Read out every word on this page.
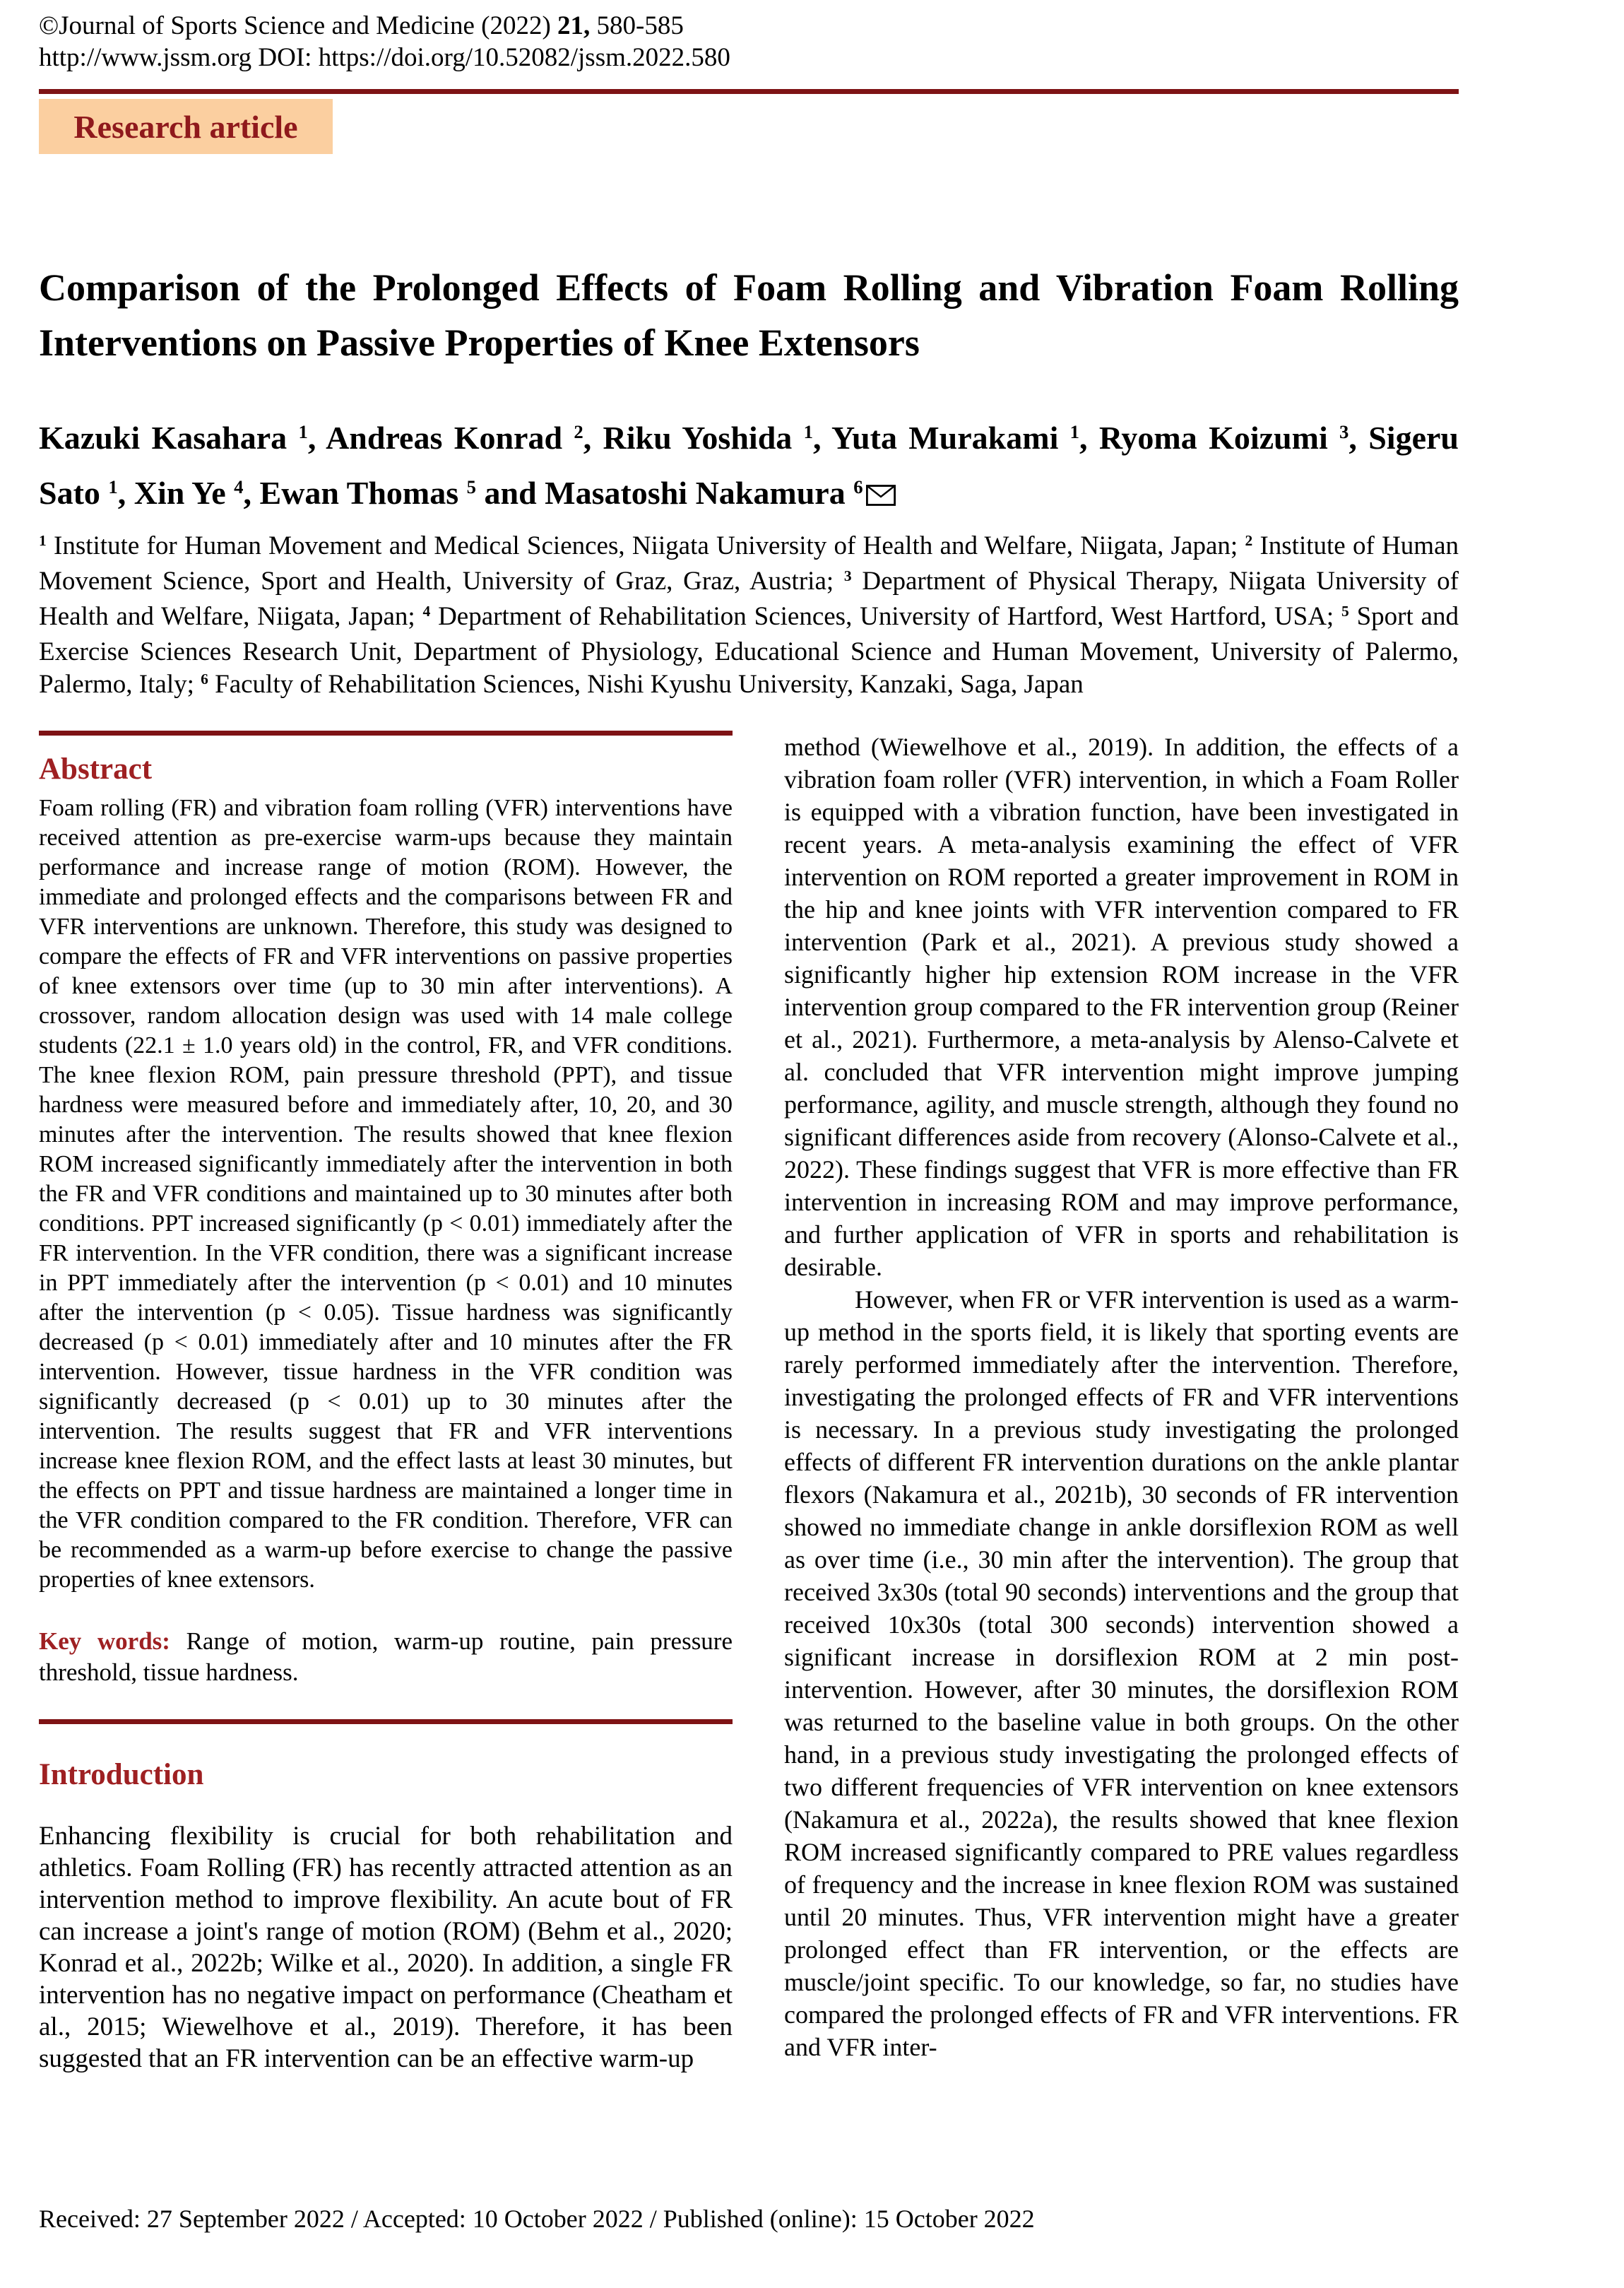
©Journal of Sports Science and Medicine (2022) 21, 580-585
http://www.jssm.org DOI: https://doi.org/10.52082/jssm.2022.580
Research article
Comparison of the Prolonged Effects of Foam Rolling and Vibration Foam Rolling Interventions on Passive Properties of Knee Extensors
Kazuki Kasahara $^1$, Andreas Konrad $^2$, Riku Yoshida $^1$, Yuta Murakami $^1$, Ryoma Koizumi $^3$, Sigeru Sato $^1$, Xin Ye $^4$, Ewan Thomas $^5$ and Masatoshi Nakamura $^6$
$^1$ Institute for Human Movement and Medical Sciences, Niigata University of Health and Welfare, Niigata, Japan; $^2$ Institute of Human Movement Science, Sport and Health, University of Graz, Graz, Austria; $^3$ Department of Physical Therapy, Niigata University of Health and Welfare, Niigata, Japan; $^4$ Department of Rehabilitation Sciences, University of Hartford, West Hartford, USA; $^5$ Sport and Exercise Sciences Research Unit, Department of Physiology, Educational Science and Human Movement, University of Palermo, Palermo, Italy; $^6$ Faculty of Rehabilitation Sciences, Nishi Kyushu University, Kanzaki, Saga, Japan
Abstract

Foam rolling (FR) and vibration foam rolling (VFR) interventions have received attention as pre-exercise warm-ups because they maintain performance and increase range of motion (ROM). However, the immediate and prolonged effects and the comparisons between FR and VFR interventions are unknown. Therefore, this study was designed to compare the effects of FR and VFR interventions on passive properties of knee extensors over time (up to 30 min after interventions). A crossover, random allocation design was used with 14 male college students (22.1 ± 1.0 years old) in the control, FR, and VFR conditions. The knee flexion ROM, pain pressure threshold (PPT), and tissue hardness were measured before and immediately after, 10, 20, and 30 minutes after the intervention. The results showed that knee flexion ROM increased significantly immediately after the intervention in both the FR and VFR conditions and maintained up to 30 minutes after both conditions. PPT increased significantly (p < 0.01) immediately after the FR intervention. In the VFR condition, there was a significant increase in PPT immediately after the intervention (p < 0.01) and 10 minutes after the intervention (p < 0.05). Tissue hardness was significantly decreased (p < 0.01) immediately after and 10 minutes after the FR intervention. However, tissue hardness in the VFR condition was significantly decreased (p < 0.01) up to 30 minutes after the intervention. The results suggest that FR and VFR interventions increase knee flexion ROM, and the effect lasts at least 30 minutes, but the effects on PPT and tissue hardness are maintained a longer time in the VFR condition compared to the FR condition. Therefore, VFR can be recommended as a warm-up before exercise to change the passive properties of knee extensors.

Key words: Range of motion, warm-up routine, pain pressure threshold, tissue hardness.

Introduction

Enhancing flexibility is crucial for both rehabilitation and athletics. Foam Rolling (FR) has recently attracted attention as an intervention method to improve flexibility. An acute bout of FR can increase a joint's range of motion (ROM) (Behm et al., 2020; Konrad et al., 2022b; Wilke et al., 2020). In addition, a single FR intervention has no negative impact on performance (Cheatham et al., 2015; Wiewelhove et al., 2019). Therefore, it has been suggested that an FR intervention can be an effective warm-up

method (Wiewelhove et al., 2019). In addition, the effects of a vibration foam roller (VFR) intervention, in which a Foam Roller is equipped with a vibration function, have been investigated in recent years. A meta-analysis examining the effect of VFR intervention on ROM reported a greater improvement in ROM in the hip and knee joints with VFR intervention compared to FR intervention (Park et al., 2021). A previous study showed a significantly higher hip extension ROM increase in the VFR intervention group compared to the FR intervention group (Reiner et al., 2021). Furthermore, a meta-analysis by Alenso-Calvete et al. concluded that VFR intervention might improve jumping performance, agility, and muscle strength, although they found no significant differences aside from recovery (Alonso-Calvete et al., 2022). These findings suggest that VFR is more effective than FR intervention in increasing ROM and may improve performance, and further application of VFR in sports and rehabilitation is desirable.

However, when FR or VFR intervention is used as a warm-up method in the sports field, it is likely that sporting events are rarely performed immediately after the intervention. Therefore, investigating the prolonged effects of FR and VFR interventions is necessary. In a previous study investigating the prolonged effects of different FR intervention durations on the ankle plantar flexors (Nakamura et al., 2021b), 30 seconds of FR intervention showed no immediate change in ankle dorsiflexion ROM as well as over time (i.e., 30 min after the intervention). The group that received 3x30s (total 90 seconds) interventions and the group that received 10x30s (total 300 seconds) intervention showed a significant increase in dorsiflexion ROM at 2 min post-intervention. However, after 30 minutes, the dorsiflexion ROM was returned to the baseline value in both groups. On the other hand, in a previous study investigating the prolonged effects of two different frequencies of VFR intervention on knee extensors (Nakamura et al., 2022a), the results showed that knee flexion ROM increased significantly compared to PRE values regardless of frequency and the increase in knee flexion ROM was sustained until 20 minutes. Thus, VFR intervention might have a greater prolonged effect than FR intervention, or the effects are muscle/joint specific. To our knowledge, so far, no studies have compared the prolonged effects of FR and VFR interventions. FR and VFR inter-

Received: 27 September 2022 / Accepted: 10 October 2022 / Published (online): 15 October 2022
